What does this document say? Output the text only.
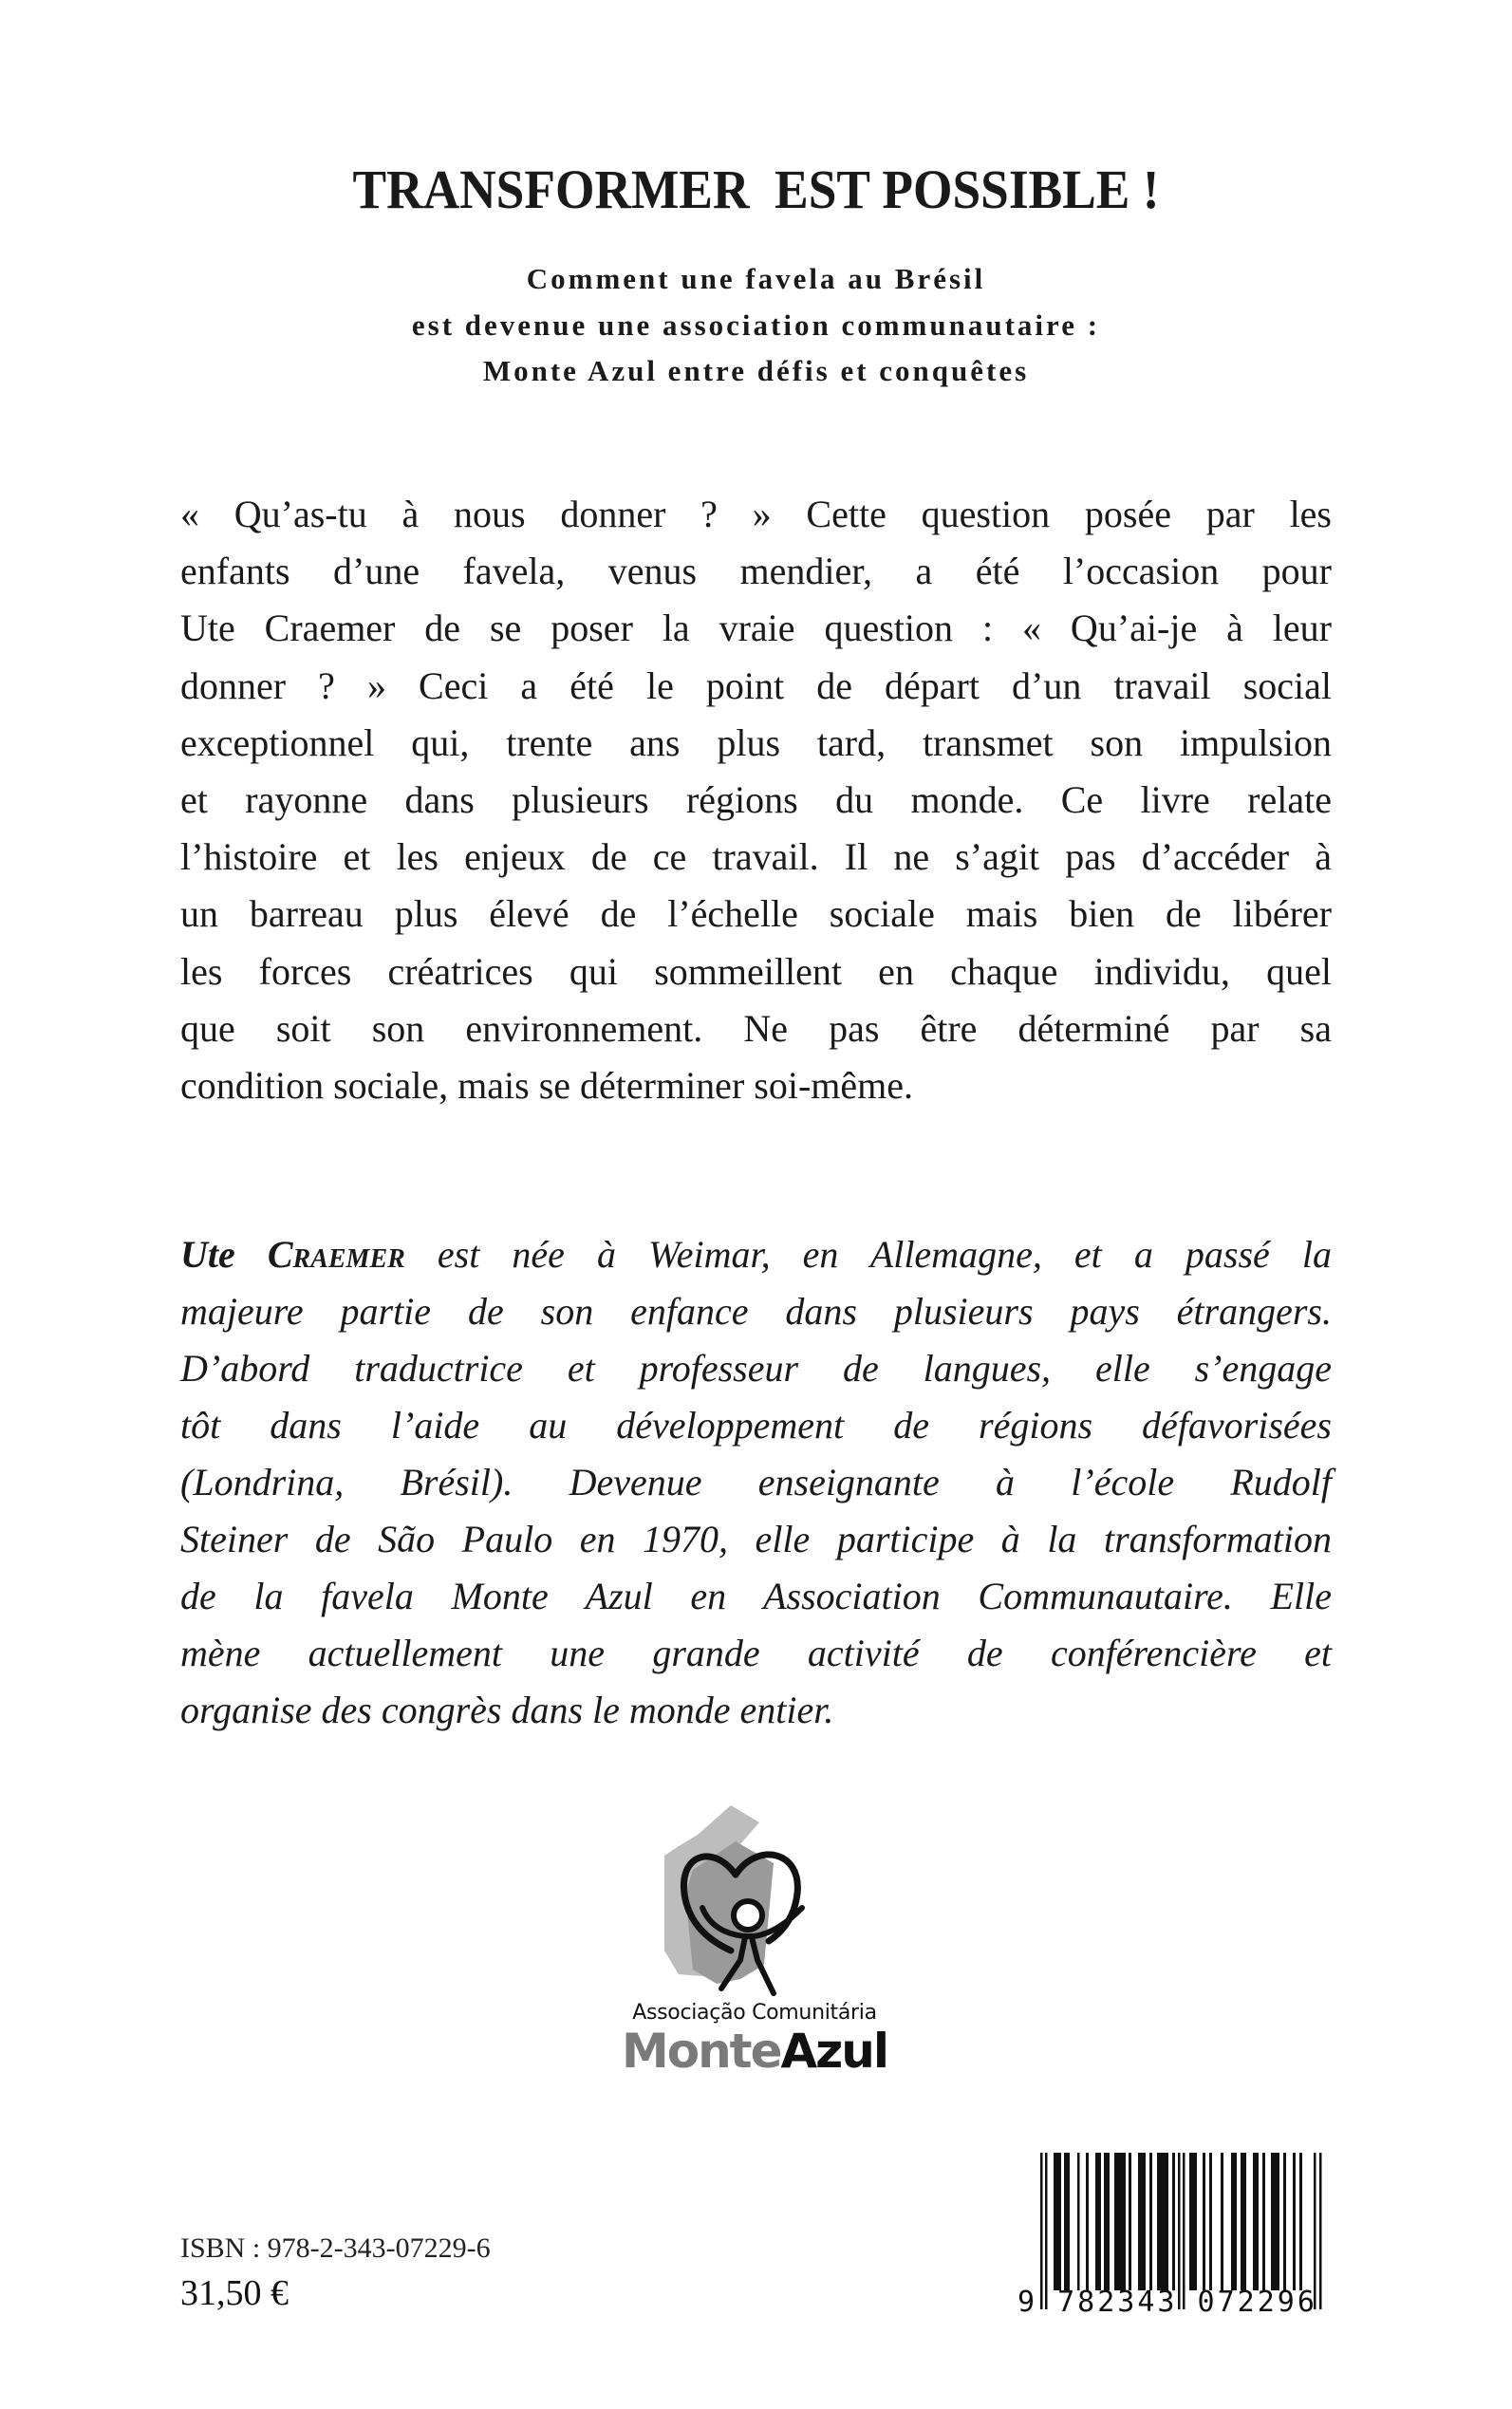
TRANSFORMER  EST POSSIBLE !
Comment une favela au Brésil
est devenue une association communautaire :
Monte Azul entre défis et conquêtes
« Qu’as-tu à nous donner ? » Cette question posée par les
enfants d’une favela, venus mendier, a été l’occasion pour
Ute Craemer de se poser la vraie question : « Qu’ai-je à leur
donner ? » Ceci a été le point de départ d’un travail social
exceptionnel qui, trente ans plus tard, transmet son impulsion
et rayonne dans plusieurs régions du monde. Ce livre relate
l’histoire et les enjeux de ce travail. Il ne s’agit pas d’accéder à
un barreau plus élevé de l’échelle sociale mais bien de libérer
les forces créatrices qui sommeillent en chaque individu, quel
que soit son environnement. Ne pas être déterminé par sa
condition sociale, mais se déterminer soi-même.
Ute Craemer est née à Weimar, en Allemagne, et a passé la
majeure partie de son enfance dans plusieurs pays étrangers.
D’abord traductrice et professeur de langues, elle s’engage
tôt dans l’aide au développement de régions défavorisées
(Londrina, Brésil). Devenue enseignante à l’école Rudolf
Steiner de São Paulo en 1970, elle participe à la transformation
de la favela Monte Azul en Association Communautaire. Elle
mène actuellement une grande activité de conférencière et
organise des congrès dans le monde entier.
Associação Comunitária
MonteAzul

ISBN : 978-2-343-07229-6

31,50 €	9 782343 072296
